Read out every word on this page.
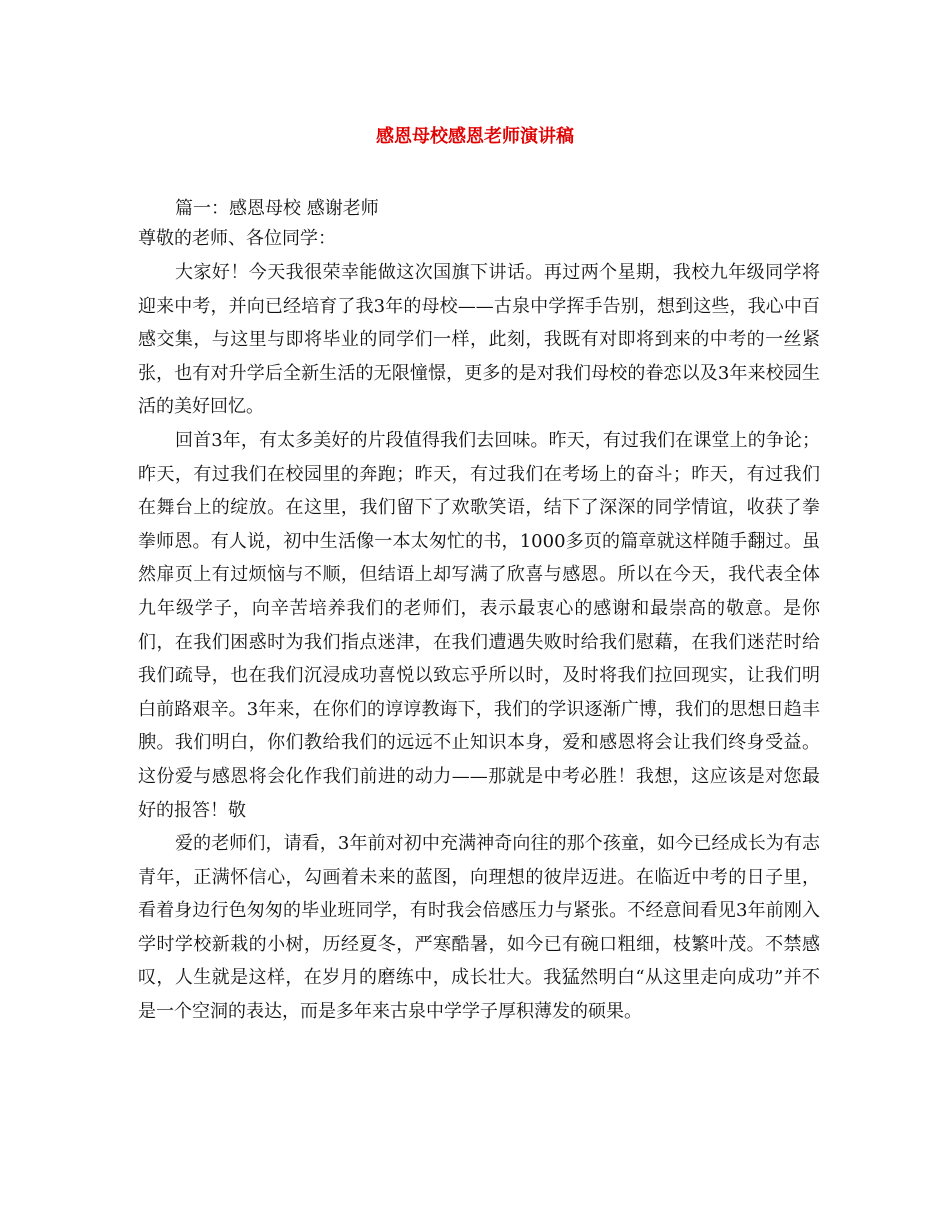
感恩母校感恩老师演讲稿
篇一：感恩母校 感谢老师
尊敬的老师、各位同学：

大家好！今天我很荣幸能做这次国旗下讲话。再过两个星期，我校九年级同学将迎来中考，并向已经培育了我3年的母校——古泉中学挥手告别，想到这些，我心中百感交集，与这里与即将毕业的同学们一样，此刻，我既有对即将到来的中考的一丝紧张，也有对升学后全新生活的无限憧憬，更多的是对我们母校的眷恋以及3年来校园生活的美好回忆。

回首3年，有太多美好的片段值得我们去回味。昨天，有过我们在课堂上的争论；昨天，有过我们在校园里的奔跑；昨天，有过我们在考场上的奋斗；昨天，有过我们在舞台上的绽放。在这里，我们留下了欢歌笑语，结下了深深的同学情谊，收获了拳拳师恩。有人说，初中生活像一本太匆忙的书，1000多页的篇章就这样随手翻过。虽然扉页上有过烦恼与不顺，但结语上却写满了欣喜与感恩。所以在今天，我代表全体九年级学子，向辛苦培养我们的老师们，表示最衷心的感谢和最崇高的敬意。是你们，在我们困惑时为我们指点迷津，在我们遭遇失败时给我们慰藉，在我们迷茫时给我们疏导，也在我们沉浸成功喜悦以致忘乎所以时，及时将我们拉回现实，让我们明白前路艰辛。3年来，在你们的谆谆教诲下，我们的学识逐渐广博，我们的思想日趋丰腴。我们明白，你们教给我们的远远不止知识本身，爱和感恩将会让我们终身受益。这份爱与感恩将会化作我们前进的动力——那就是中考必胜！我想，这应该是对您最好的报答！敬

爱的老师们，请看，3年前对初中充满神奇向往的那个孩童，如今已经成长为有志青年，正满怀信心，勾画着未来的蓝图，向理想的彼岸迈进。在临近中考的日子里，看着身边行色匆匆的毕业班同学，有时我会倍感压力与紧张。不经意间看见3年前刚入学时学校新栽的小树，历经夏冬，严寒酷暑，如今已有碗口粗细，枝繁叶茂。不禁感叹，人生就是这样，在岁月的磨练中，成长壮大。我猛然明白“从这里走向成功”并不是一个空洞的表达，而是多年来古泉中学学子厚积薄发的硕果。
